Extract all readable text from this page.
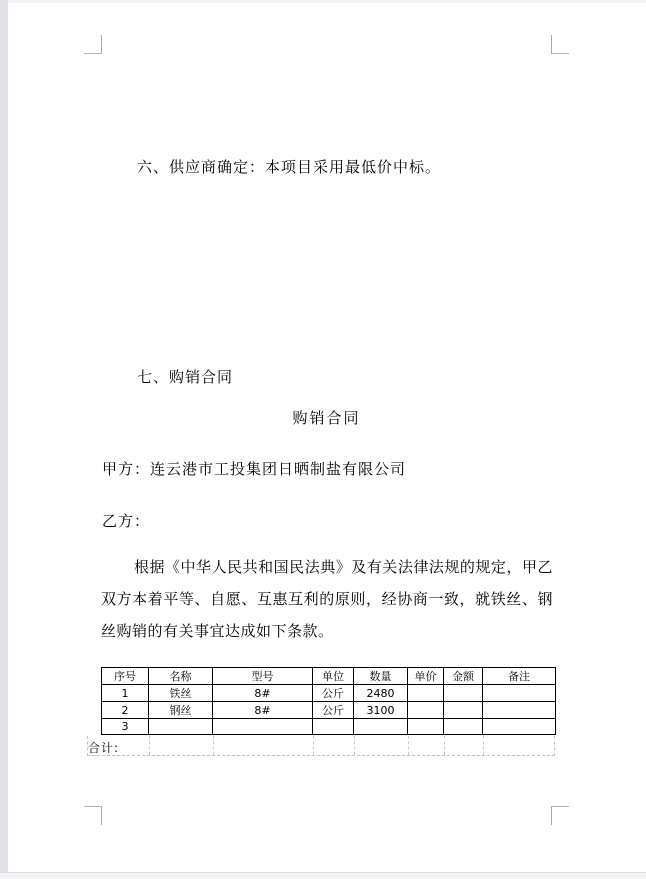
六、供应商确定：本项目采用最低价中标。
七、购销合同
购销合同
甲方：连云港市工投集团日晒制盐有限公司
乙方：
根据《中华人民共和国民法典》及有关法律法规的规定，甲乙双方本着平等、自愿、互惠互利的原则，经协商一致，就铁丝、钢丝购销的有关事宜达成如下条款。
序号	名称	型号	单位	数量	单价	金额	备注
1	铁丝	8#	公斤	2480			
2	钢丝	8#	公斤	3100			
3							
合计:
